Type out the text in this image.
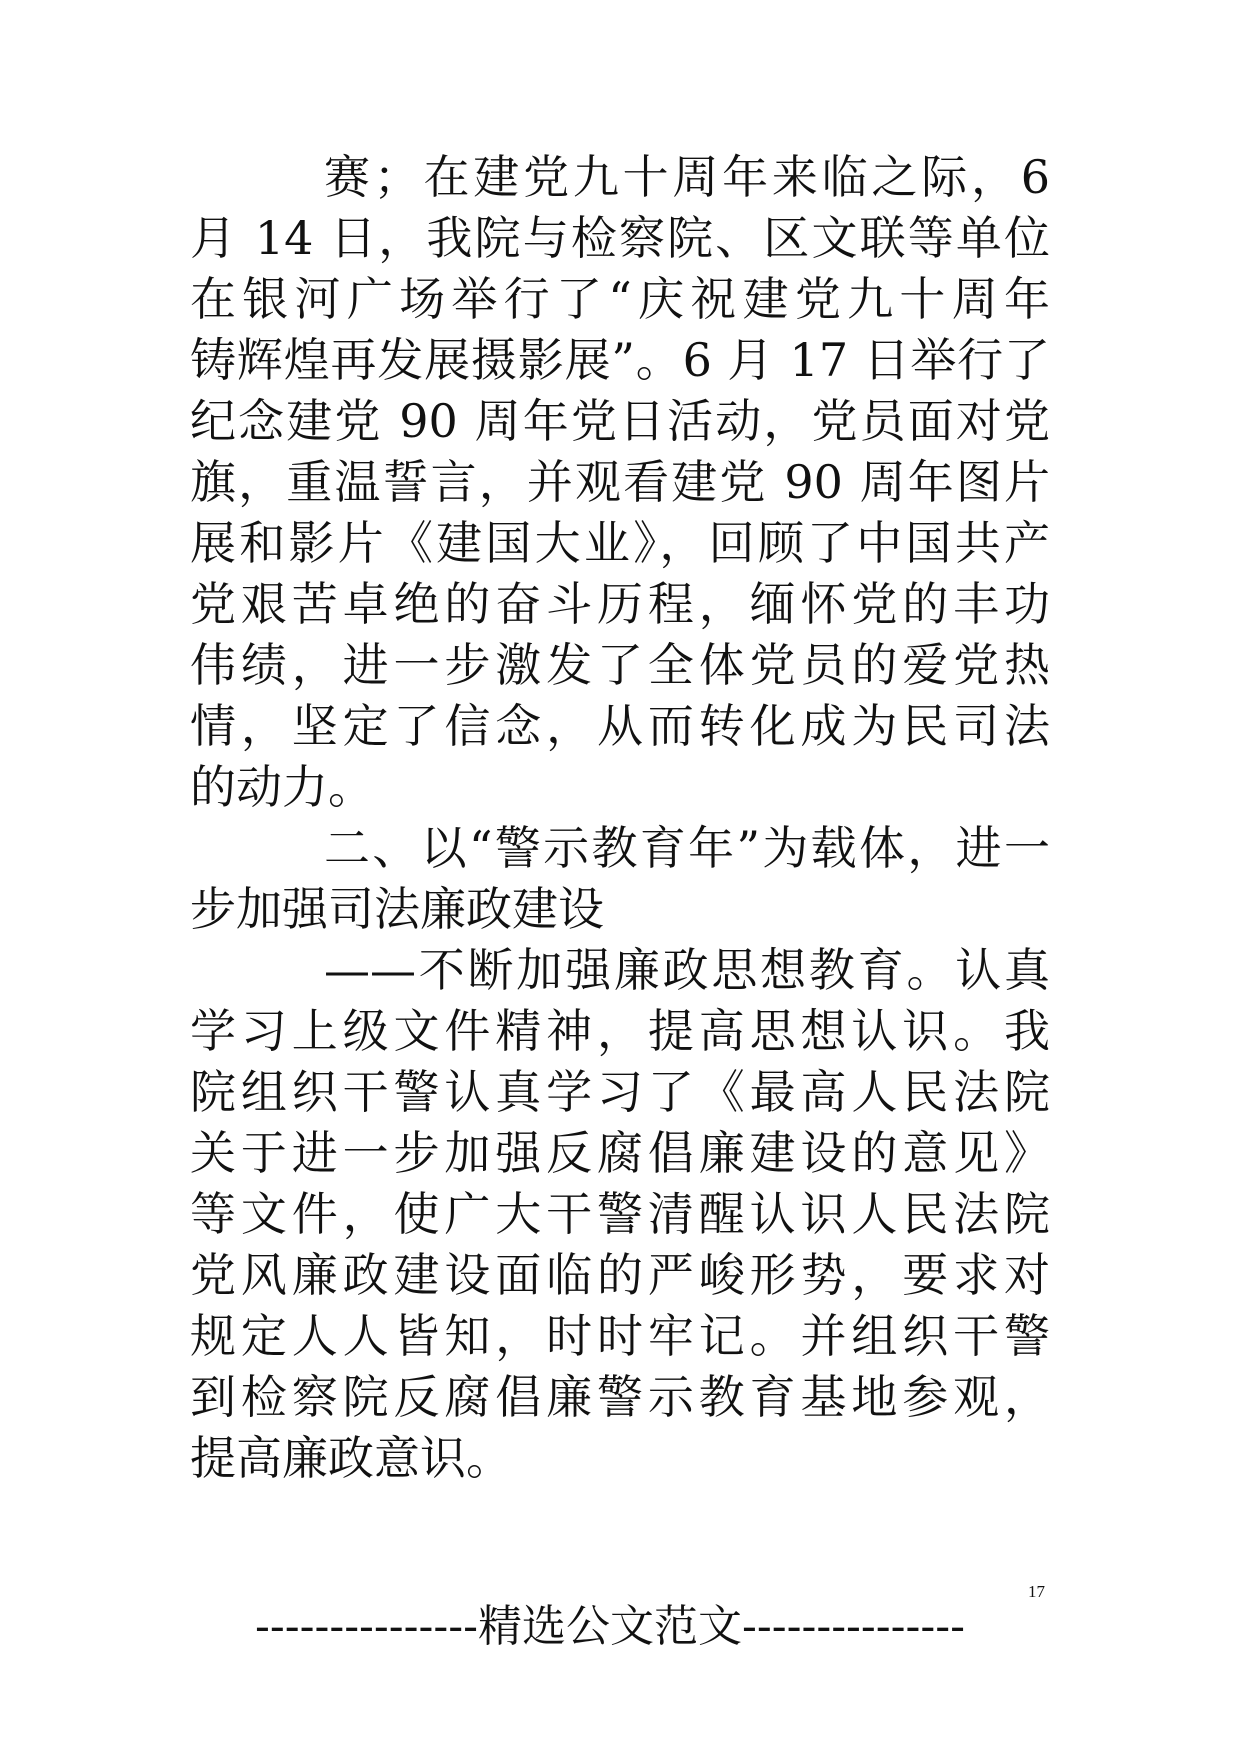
赛；在建党九十周年来临之际，6
月 14 日，我院与检察院、区文联等单位
在银河广场举行了“庆祝建党九十周年
铸辉煌再发展摄影展”。6 月 17 日举行了
纪念建党 90 周年党日活动，党员面对党
旗，重温誓言，并观看建党 90 周年图片
展和影片《建国大业》，回顾了中国共产
党艰苦卓绝的奋斗历程，缅怀党的丰功
伟绩，进一步激发了全体党员的爱党热
情，坚定了信念，从而转化成为民司法
的动力。
二、以“警示教育年”为载体，进一
步加强司法廉政建设
——不断加强廉政思想教育。认真
学习上级文件精神，提高思想认识。我
院组织干警认真学习了《最高人民法院
关于进一步加强反腐倡廉建设的意见》
等文件，使广大干警清醒认识人民法院
党风廉政建设面临的严峻形势，要求对
规定人人皆知，时时牢记。并组织干警
到检察院反腐倡廉警示教育基地参观，
提高廉政意识。
---------------精选公文范文---------------
17
